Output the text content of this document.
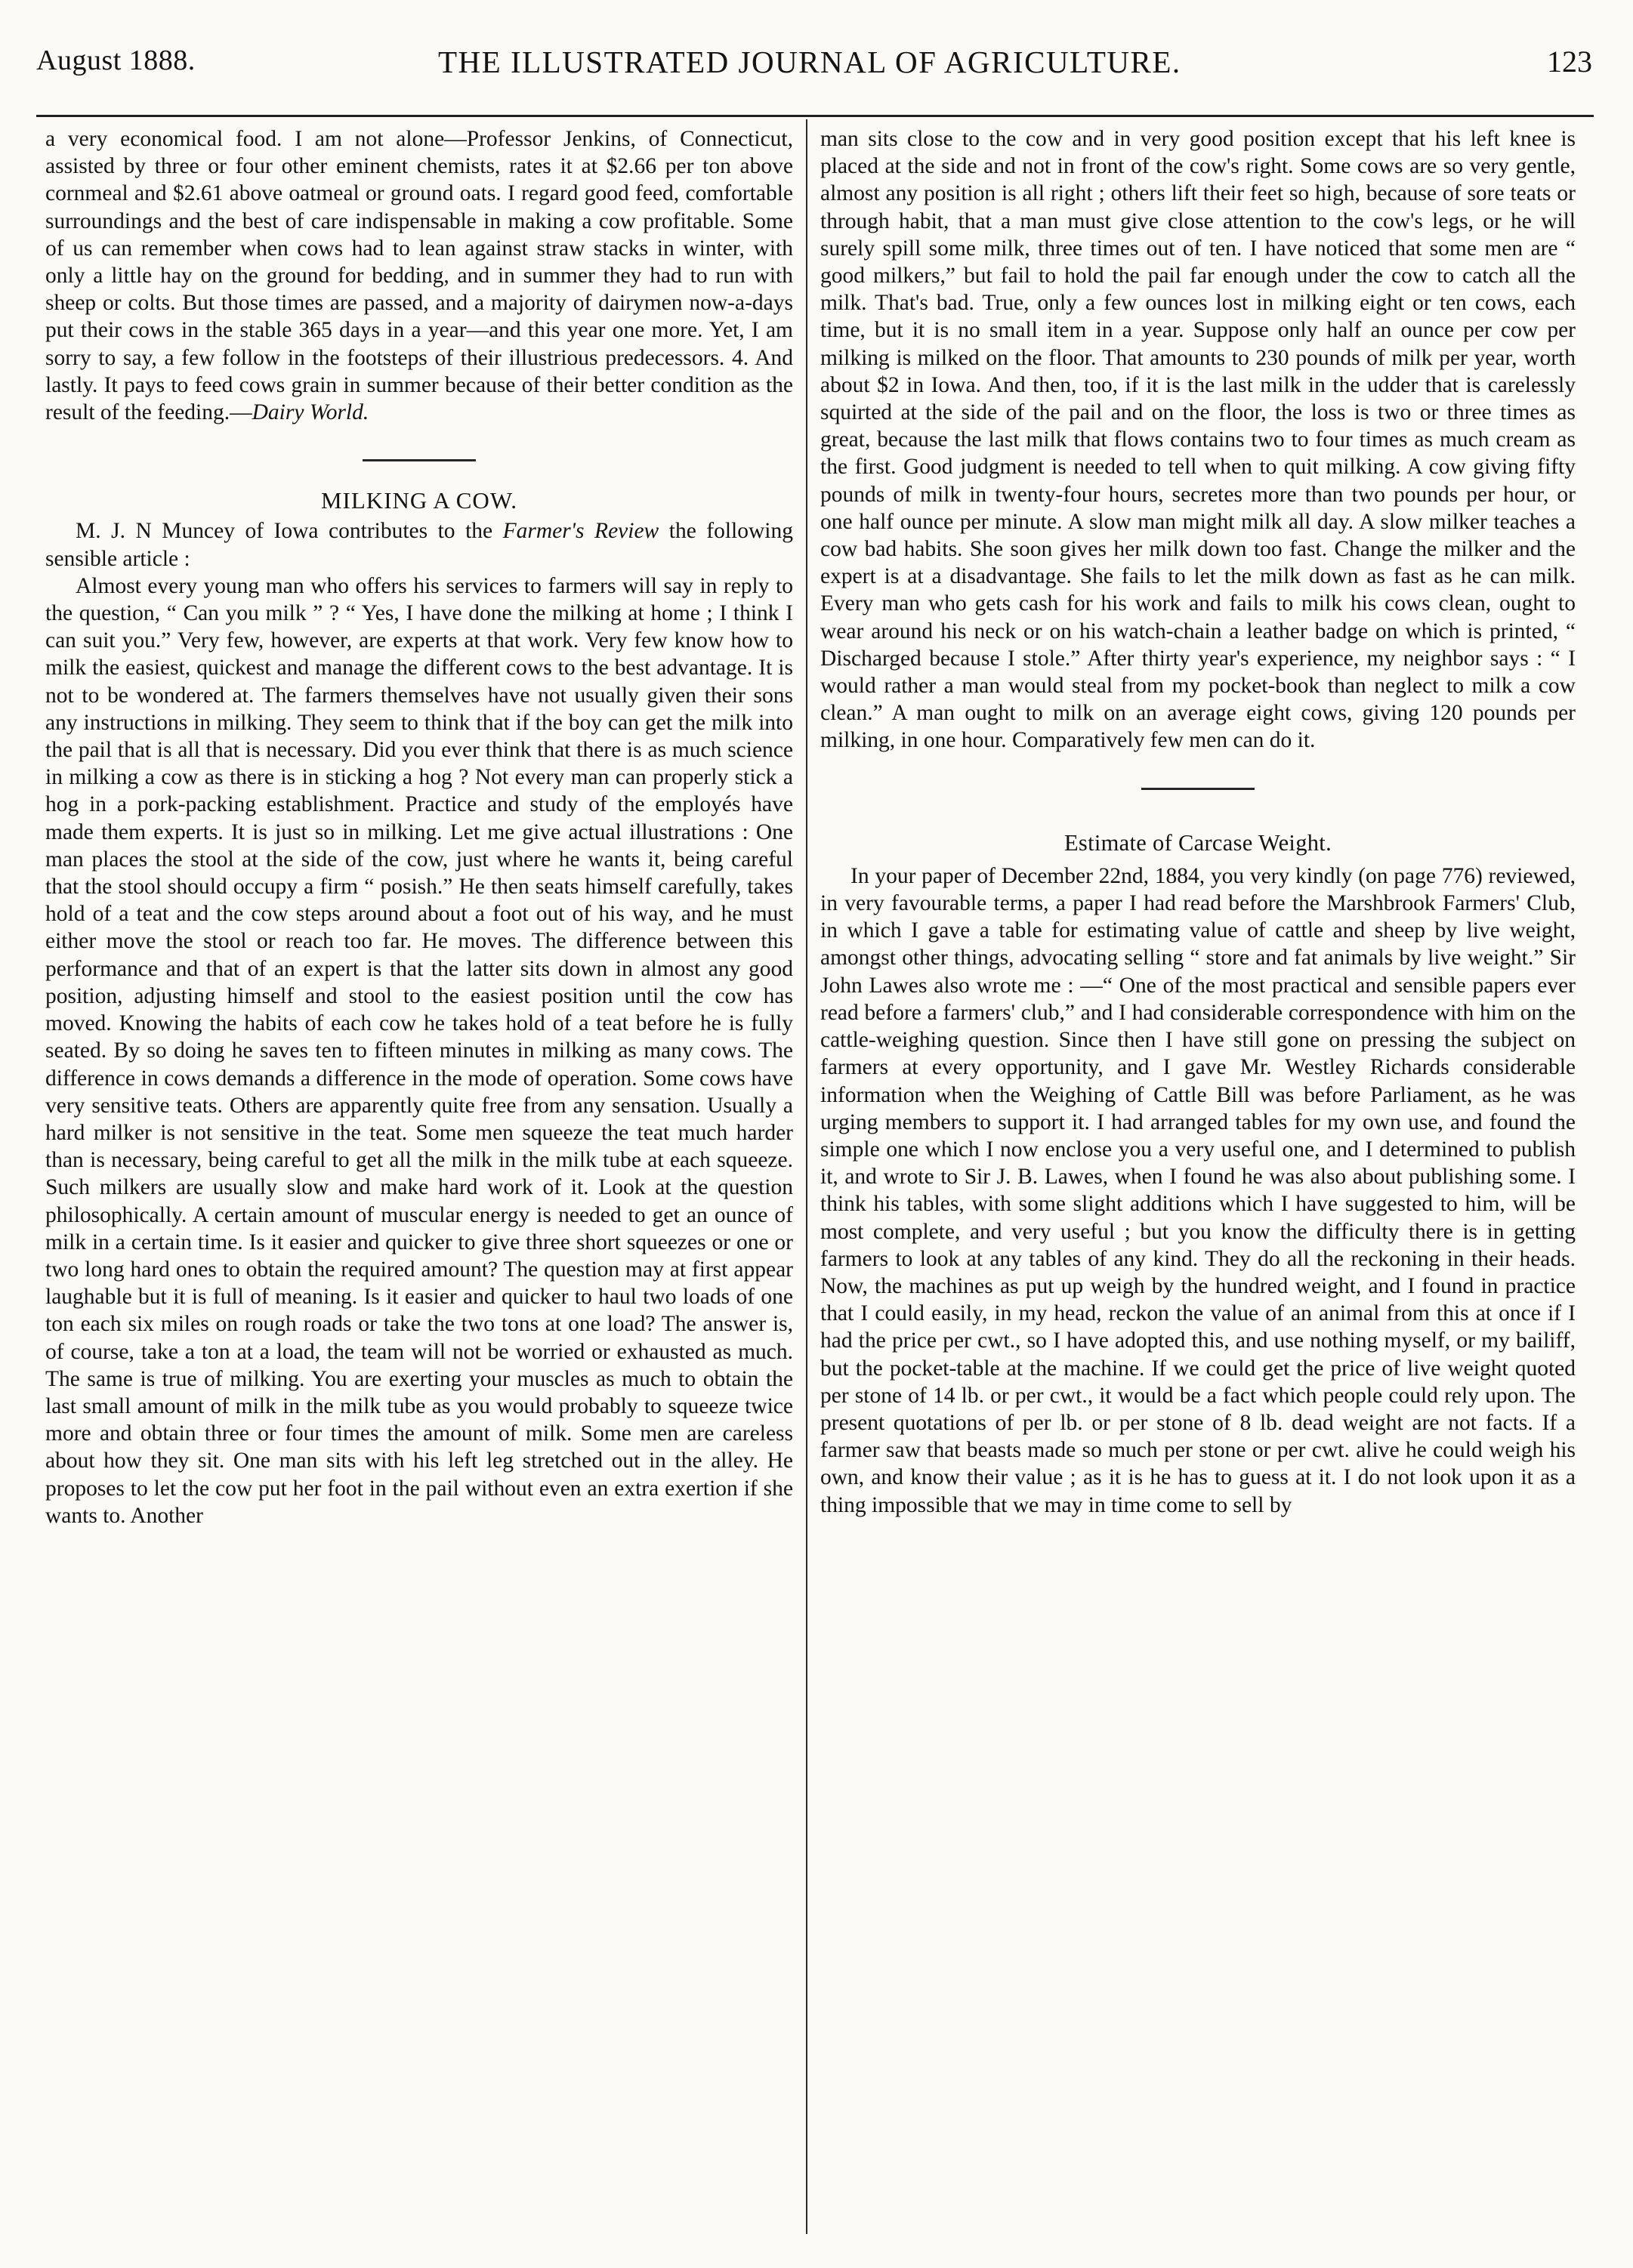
August 1888.	THE ILLUSTRATED JOURNAL OF AGRICULTURE.	123

a very economical food. I am not alone—Professor Jenkins, of Connecticut, assisted by three or four other eminent chemists, rates it at $2.66 per ton above cornmeal and $2.61 above oatmeal or ground oats. I regard good feed, comfortable surroundings and the best of care indispensable in making a cow profitable. Some of us can remember when cows had to lean against straw stacks in winter, with only a little hay on the ground for bedding, and in summer they had to run with sheep or colts. But those times are passed, and a majority of dairymen now-a-days put their cows in the stable 365 days in a year—and this year one more. Yet, I am sorry to say, a few follow in the footsteps of their illustrious predecessors. 4. And lastly. It pays to feed cows grain in summer because of their better condition as the result of the feeding.—Dairy World.

MILKING A COW.

M. J. N Muncey of Iowa contributes to the Farmer's Review the following sensible article :

Almost every young man who offers his services to farmers will say in reply to the question, “ Can you milk ” ? “ Yes, I have done the milking at home ; I think I can suit you.” Very few, however, are experts at that work. Very few know how to milk the easiest, quickest and manage the different cows to the best advantage. It is not to be wondered at. The farmers themselves have not usually given their sons any instructions in milking. They seem to think that if the boy can get the milk into the pail that is all that is necessary. Did you ever think that there is as much science in milking a cow as there is in sticking a hog ? Not every man can properly stick a hog in a pork-packing establishment. Practice and study of the employés have made them experts. It is just so in milking. Let me give actual illustrations : One man places the stool at the side of the cow, just where he wants it, being careful that the stool should occupy a firm “ posish.” He then seats himself carefully, takes hold of a teat and the cow steps around about a foot out of his way, and he must either move the stool or reach too far. He moves. The difference between this performance and that of an expert is that the latter sits down in almost any good position, adjusting himself and stool to the easiest position until the cow has moved. Knowing the habits of each cow he takes hold of a teat before he is fully seated. By so doing he saves ten to fifteen minutes in milking as many cows. The difference in cows demands a difference in the mode of operation. Some cows have very sensitive teats. Others are apparently quite free from any sensation. Usually a hard milker is not sensitive in the teat. Some men squeeze the teat much harder than is necessary, being careful to get all the milk in the milk tube at each squeeze. Such milkers are usually slow and make hard work of it. Look at the question philosophically. A certain amount of muscular energy is needed to get an ounce of milk in a certain time. Is it easier and quicker to give three short squeezes or one or two long hard ones to obtain the required amount? The question may at first appear laughable but it is full of meaning. Is it easier and quicker to haul two loads of one ton each six miles on rough roads or take the two tons at one load? The answer is, of course, take a ton at a load, the team will not be worried or exhausted as much. The same is true of milking. You are exerting your muscles as much to obtain the last small amount of milk in the milk tube as you would probably to squeeze twice more and obtain three or four times the amount of milk. Some men are careless about how they sit. One man sits with his left leg stretched out in the alley. He proposes to let the cow put her foot in the pail without even an extra exertion if she wants to. Another

man sits close to the cow and in very good position except that his left knee is placed at the side and not in front of the cow's right. Some cows are so very gentle, almost any position is all right ; others lift their feet so high, because of sore teats or through habit, that a man must give close attention to the cow's legs, or he will surely spill some milk, three times out of ten. I have noticed that some men are “ good milkers,” but fail to hold the pail far enough under the cow to catch all the milk. That's bad. True, only a few ounces lost in milking eight or ten cows, each time, but it is no small item in a year. Suppose only half an ounce per cow per milking is milked on the floor. That amounts to 230 pounds of milk per year, worth about $2 in Iowa. And then, too, if it is the last milk in the udder that is carelessly squirted at the side of the pail and on the floor, the loss is two or three times as great, because the last milk that flows contains two to four times as much cream as the first. Good judgment is needed to tell when to quit milking. A cow giving fifty pounds of milk in twenty-four hours, secretes more than two pounds per hour, or one half ounce per minute. A slow man might milk all day. A slow milker teaches a cow bad habits. She soon gives her milk down too fast. Change the milker and the expert is at a disadvantage. She fails to let the milk down as fast as he can milk. Every man who gets cash for his work and fails to milk his cows clean, ought to wear around his neck or on his watch-chain a leather badge on which is printed, “ Discharged because I stole.” After thirty year's experience, my neighbor says : “ I would rather a man would steal from my pocket-book than neglect to milk a cow clean.” A man ought to milk on an average eight cows, giving 120 pounds per milking, in one hour. Comparatively few men can do it.

Estimate of Carcase Weight.

In your paper of December 22nd, 1884, you very kindly (on page 776) reviewed, in very favourable terms, a paper I had read before the Marshbrook Farmers' Club, in which I gave a table for estimating value of cattle and sheep by live weight, amongst other things, advocating selling “ store and fat animals by live weight.” Sir John Lawes also wrote me : —“ One of the most practical and sensible papers ever read before a farmers' club,” and I had considerable correspondence with him on the cattle-weighing question. Since then I have still gone on pressing the subject on farmers at every opportunity, and I gave Mr. Westley Richards considerable information when the Weighing of Cattle Bill was before Parliament, as he was urging members to support it. I had arranged tables for my own use, and found the simple one which I now enclose you a very useful one, and I determined to publish it, and wrote to Sir J. B. Lawes, when I found he was also about publishing some. I think his tables, with some slight additions which I have suggested to him, will be most complete, and very useful ; but you know the difficulty there is in getting farmers to look at any tables of any kind. They do all the reckoning in their heads. Now, the machines as put up weigh by the hundred weight, and I found in practice that I could easily, in my head, reckon the value of an animal from this at once if I had the price per cwt., so I have adopted this, and use nothing myself, or my bailiff, but the pocket-table at the machine. If we could get the price of live weight quoted per stone of 14 lb. or per cwt., it would be a fact which people could rely upon. The present quotations of per lb. or per stone of 8 lb. dead weight are not facts. If a farmer saw that beasts made so much per stone or per cwt. alive he could weigh his own, and know their value ; as it is he has to guess at it. I do not look upon it as a thing impossible that we may in time come to sell by
